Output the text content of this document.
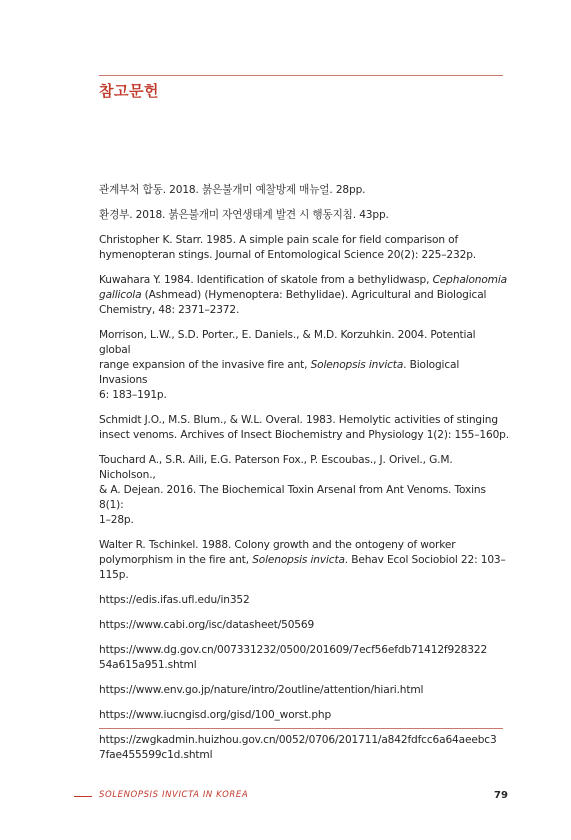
참고문헌

관계부처 합동. 2018. 붉은불개미 예찰방제 매뉴얼. 28pp.

환경부. 2018. 붉은불개미 자연생태계 발견 시 행동지침. 43pp.

Christopher K. Starr. 1985. A simple pain scale for field comparison of
hymenopteran stings. Journal of Entomological Science 20(2): 225–232p.

Kuwahara Y. 1984. Identification of skatole from a bethylidwasp, Cephalonomia
gallicola (Ashmead) (Hymenoptera: Bethylidae). Agricultural and Biological
Chemistry, 48: 2371–2372.

Morrison, L.W., S.D. Porter., E. Daniels., & M.D. Korzuhkin. 2004. Potential global
range expansion of the invasive fire ant, Solenopsis invicta. Biological Invasions
6: 183–191p.

Schmidt J.O., M.S. Blum., & W.L. Overal. 1983. Hemolytic activities of stinging
insect venoms. Archives of Insect Biochemistry and Physiology 1(2): 155–160p.

Touchard A., S.R. Aili, E.G. Paterson Fox., P. Escoubas., J. Orivel., G.M. Nicholson.,
& A. Dejean. 2016. The Biochemical Toxin Arsenal from Ant Venoms. Toxins 8(1):
1–28p.

Walter R. Tschinkel. 1988. Colony growth and the ontogeny of worker
polymorphism in the fire ant, Solenopsis invicta. Behav Ecol Sociobiol 22: 103–
115p.

https://edis.ifas.ufl.edu/in352

https://www.cabi.org/isc/datasheet/50569

https://www.dg.gov.cn/007331232/0500/201609/7ecf56efdb71412f928322
54a615a951.shtml

https://www.env.go.jp/nature/intro/2outline/attention/hiari.html

https://www.iucngisd.org/gisd/100_worst.php

https://zwgkadmin.huizhou.gov.cn/0052/0706/201711/a842fdfcc6a64aeebc3
7fae455599c1d.shtml

SOLENOPSIS INVICTA IN KOREA	79
